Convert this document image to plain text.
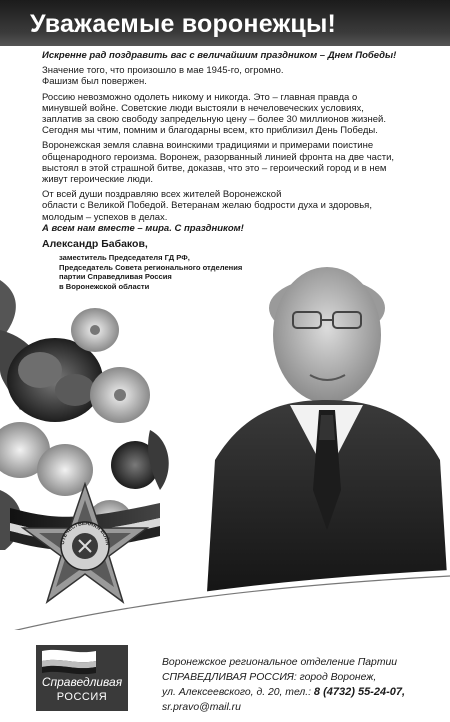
Уважаемые воронежцы!

Искренне рад поздравить вас с величайшим праздником – Днем Победы!

Значение того, что произошло в мае 1945-го, огромно.
Фашизм был повержен.

Россию невозможно одолеть никому и никогда. Это – главная правда о минувшей войне. Советские люди выстояли в нечеловеческих условиях, заплатив за свою свободу запредельную цену – более 30 миллионов жизней. Сегодня мы чтим, помним и благодарны всем, кто приблизил День Победы.

Воронежская земля славна воинскими традициями и примерами поистине общенародного героизма. Воронеж, разорванный линией фронта на две части, выстоял в этой страшной битве, доказав, что это – героический город и в нем живут героические люди.

От всей души поздравляю всех жителей Воронежской
области с Великой Победой. Ветеранам желаю бодрости духа и здоровья, молодым – успехов в делах.

А всем нам вместе – мира. С праздником!

Александр Бабаков,
заместитель Председателя ГД РФ,
Председатель Совета регионального отделения
партии Справедливая Россия
в Воронежской области
ОТЕЧЕСТВЕННАЯ ВОЙН
Справедливая
РОССИЯ
Воронежское региональное отделение Партии
СПРАВЕДЛИВАЯ РОССИЯ: город Воронеж,
ул. Алексеевского, д. 20, тел.: 8 (4732) 55-24-07,
sr.pravo@mail.ru
